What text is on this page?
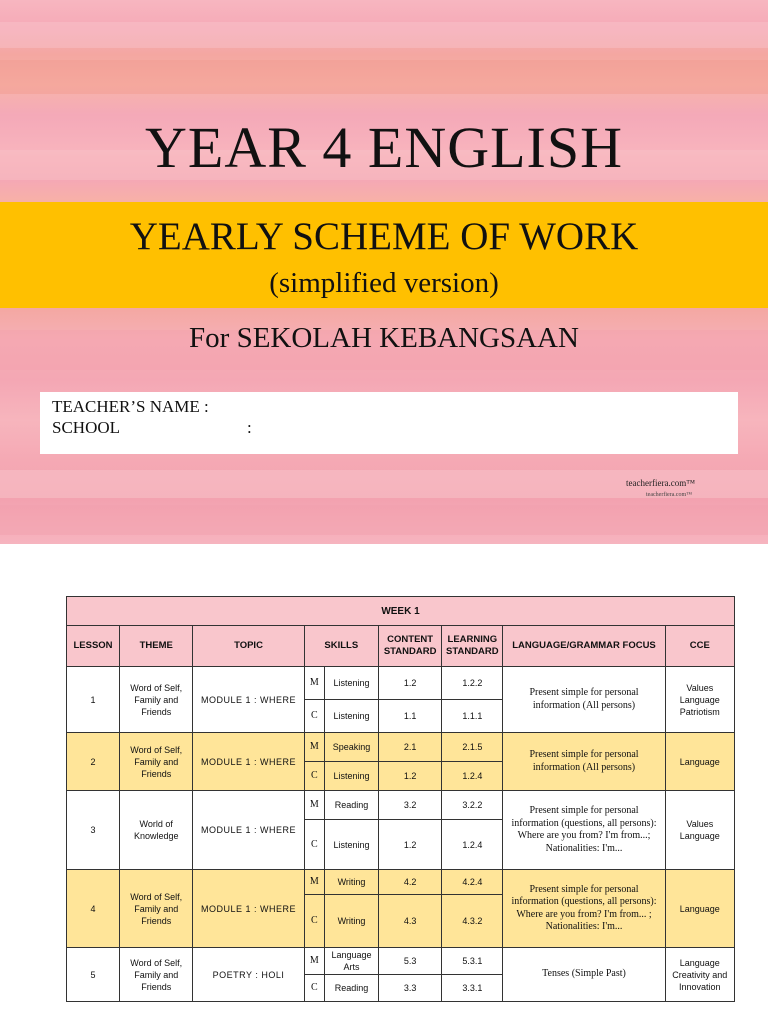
YEAR 4 ENGLISH
YEARLY SCHEME OF WORK
(simplified version)
For SEKOLAH KEBANGSAAN
TEACHER’S NAME :
SCHOOL	:
teacherfiera.com™
teacherfiera.com™
WEEK 1								
LESSON	THEME	TOPIC	SKILLS		CONTENT STANDARD	LEARNING STANDARD	LANGUAGE/GRAMMAR FOCUS	CCE
1	Word of Self, Family and Friends	MODULE 1 : WHERE	M	Listening	1.2	1.2.2	Present simple for personal information (All persons)	Values Language Patriotism
			C	Listening	1.1	1.1.1		
2	Word of Self, Family and Friends	MODULE 1 : WHERE	M	Speaking	2.1	2.1.5	Present simple for personal information (All persons)	Language
			C	Listening	1.2	1.2.4		
3	World of Knowledge	MODULE 1 : WHERE	M	Reading	3.2	3.2.2	Present simple for personal information (questions, all persons): Where are you from? I'm from...; Nationalities: I'm...	Values Language
			C	Listening	1.2	1.2.4		
4	Word of Self, Family and Friends	MODULE 1 : WHERE	M	Writing	4.2	4.2.4	Present simple for personal information (questions, all persons): Where are you from? I'm from... ; Nationalities: I'm...	Language
			C	Writing	4.3	4.3.2		
5	Word of Self, Family and Friends	POETRY : HOLI	M	Language Arts	5.3	5.3.1	Tenses (Simple Past)	Language Creativity and Innovation
			C	Reading	3.3	3.3.1		
